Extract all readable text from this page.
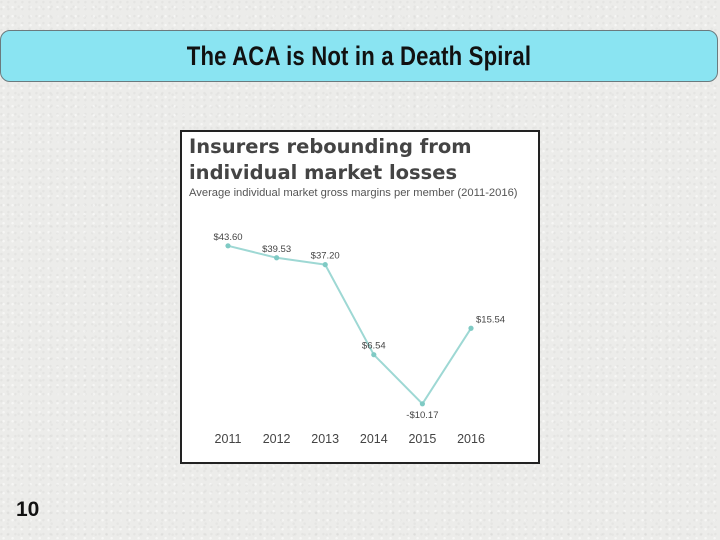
The ACA is Not in a Death Spiral
Insurers rebounding from individual market losses
Average individual market gross margins per member (2011-2016)
$43.60
2011
$39.53
2012
$37.20
2013
$6.54
2014
-$10.17
2015
$15.54
2016
10
